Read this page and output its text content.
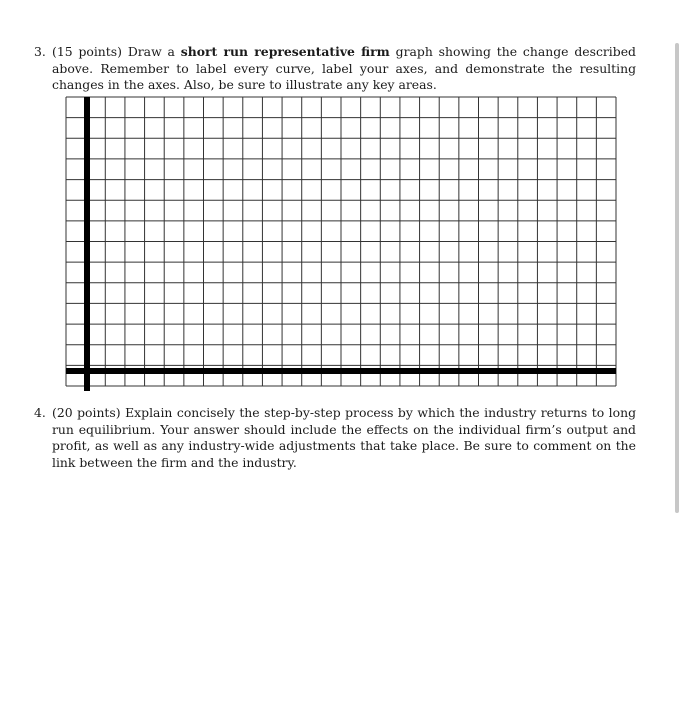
3. (15 points) Draw a short run representative firm graph showing the change described above. Remember to label every curve, label your axes, and demonstrate the resulting changes in the axes. Also, be sure to illustrate any key areas.
4. (20 points) Explain concisely the step-by-step process by which the industry returns to long run equilibrium. Your answer should include the effects on the individual firm’s output and profit, as well as any industry-wide adjustments that take place. Be sure to comment on the link between the firm and the industry.
